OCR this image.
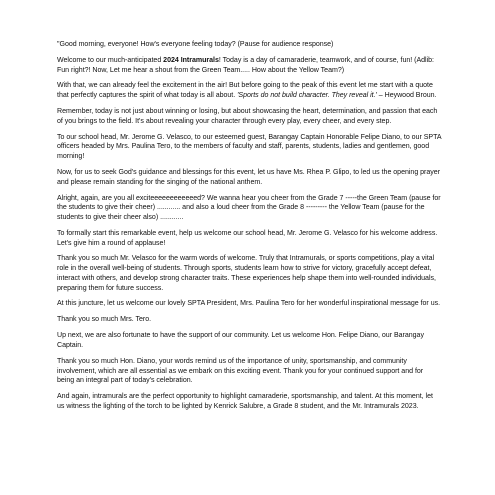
"Good morning, everyone! How's everyone feeling today? (Pause for audience response)

Welcome to our much-anticipated 2024 Intramurals! Today is a day of camaraderie, teamwork, and of course, fun! (Adlib: Fun right?! Now, Let me hear a shout from the Green Team..... How about the Yellow Team?)

With that, we can already feel the excitement in the air! But before going to the peak of this event let me start with a quote that perfectly captures the spirit of what today is all about. 'Sports do not build character. They reveal it.' – Heywood Broun.

Remember, today is not just about winning or losing, but about showcasing the heart, determination, and passion that each of you brings to the field. It's about revealing your character through every play, every cheer, and every step.

To our school head, Mr. Jerome G. Velasco, to our esteemed guest, Barangay Captain Honorable Felipe Diano, to our SPTA officers headed by Mrs. Paulina Tero, to the members of faculty and staff, parents, students, ladies and gentlemen, good morning!

Now, for us to seek God's guidance and blessings for this event, let us have Ms. Rhea P. Glipo, to led us the opening prayer and please remain standing for the singing of the national anthem.

Alright, again, are you all exciteeeeeeeeeeeed? We wanna hear you cheer from the Grade 7 -----the Green Team (pause for the students to give their cheer) ............ and also a loud cheer from the Grade 8 --------- the Yellow Team (pause for the students to give their cheer also) ............

To formally start this remarkable event, help us welcome our school head, Mr. Jerome G. Velasco for his welcome address. Let's give him a round of applause!

Thank you so much Mr. Velasco for the warm words of welcome. Truly that Intramurals, or sports competitions, play a vital role in the overall well-being of students. Through sports, students learn how to strive for victory, gracefully accept defeat, interact with others, and develop strong character traits. These experiences help shape them into well-rounded individuals, preparing them for future success.

At this juncture, let us welcome our lovely SPTA President, Mrs. Paulina Tero for her wonderful inspirational message for us.

Thank you so much Mrs. Tero.

Up next, we are also fortunate to have the support of our community. Let us welcome Hon. Felipe Diano, our Barangay Captain.

Thank you so much Hon. Diano, your words remind us of the importance of unity, sportsmanship, and community involvement, which are all essential as we embark on this exciting event. Thank you for your continued support and for being an integral part of today's celebration.

And again, intramurals are the perfect opportunity to highlight camaraderie, sportsmanship, and talent. At this moment, let us witness the lighting of the torch to be lighted by Kenrick Salubre, a Grade 8 student, and the Mr. Intramurals 2023.
